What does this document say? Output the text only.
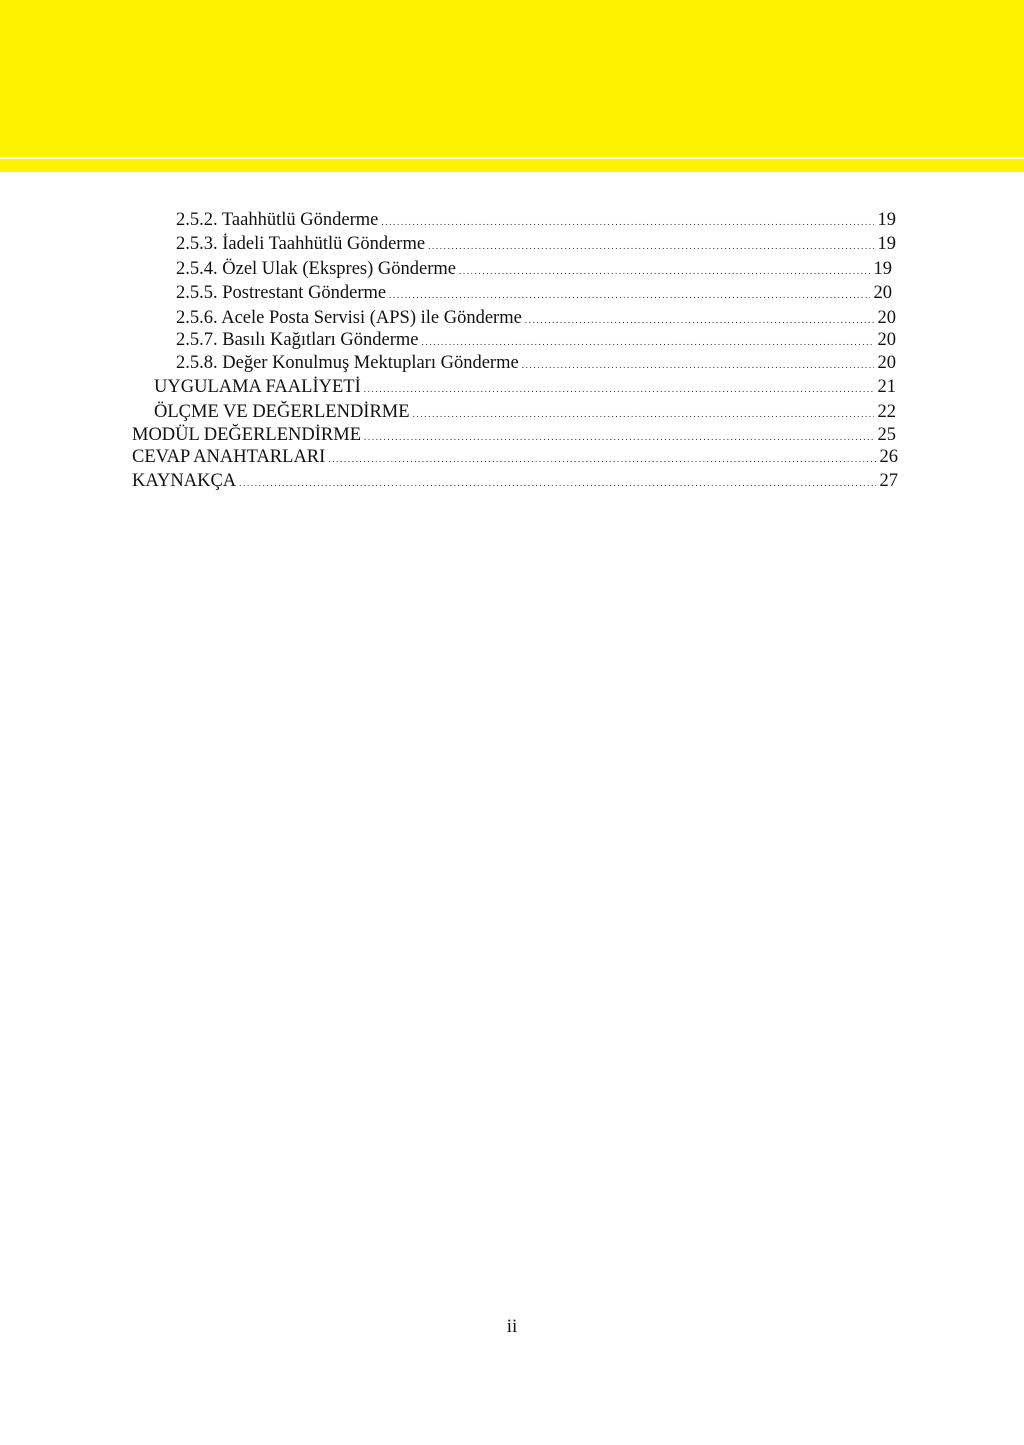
2.5.2. Taahhütlü Gönderme . . .	19
2.5.3. İadeli Taahhütlü Gönderme . . .	19
2.5.4. Özel Ulak (Ekspres) Gönderme . . .	19
2.5.5. Postrestant Gönderme . . .	20
2.5.6. Acele Posta Servisi (APS) ile Gönderme . . .	20
2.5.7. Basılı Kağıtları Gönderme . . .	20
2.5.8. Değer Konulmuş Mektupları Gönderme . . .	20
UYGULAMA FAALİYETİ . . .	21
ÖLÇME VE DEĞERLENDİRME . . .	22
MODÜL DEĞERLENDİRME . . .	25
CEVAP ANAHTARLARI . . .	26
KAYNAKÇA . . .	27
ii
